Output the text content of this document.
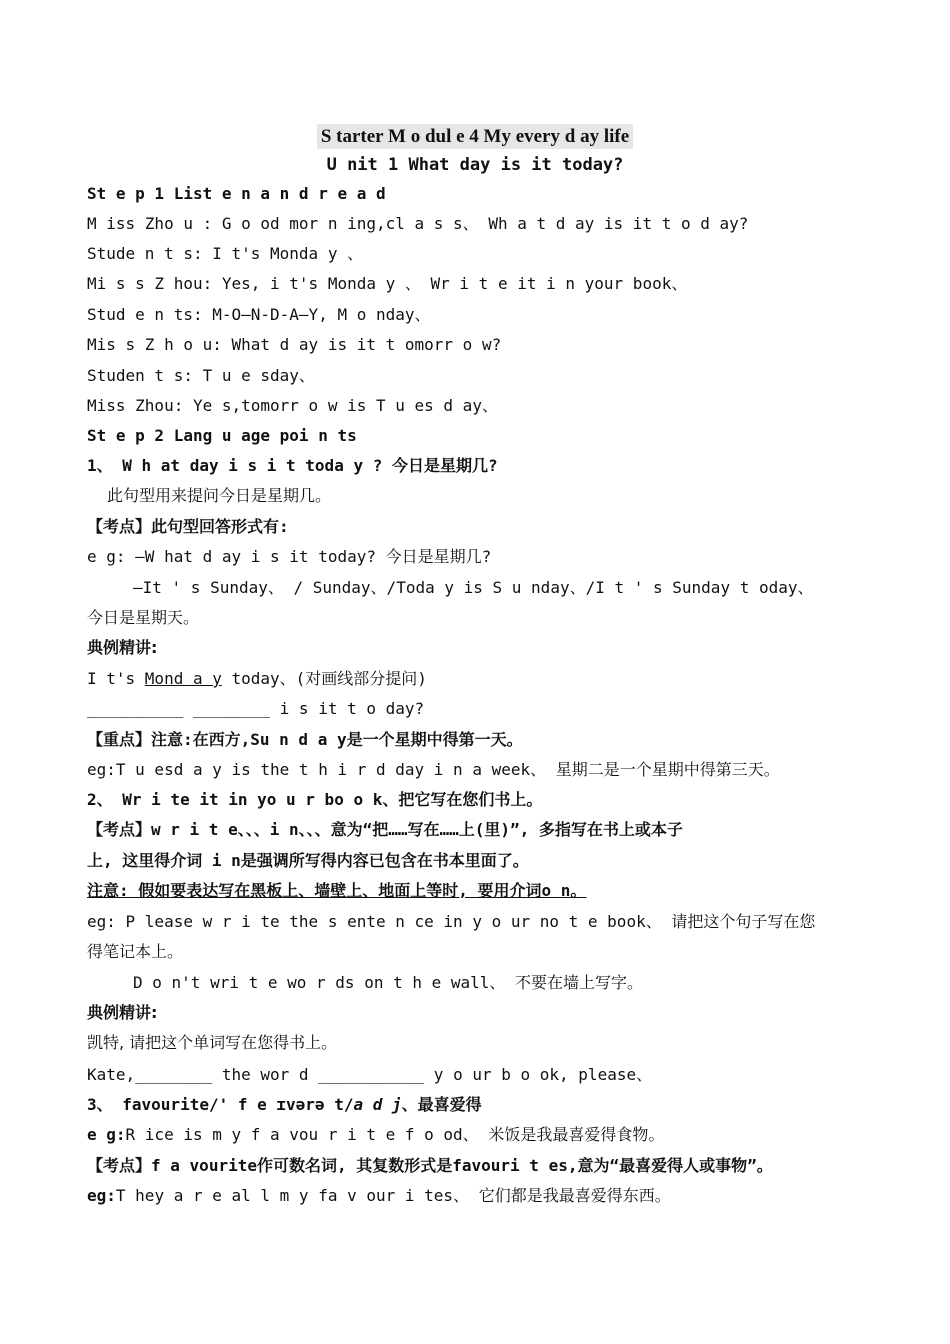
S tarter M ο dul e 4 My every d ay life
U nit 1 What day is it today?
St e p 1 List e n a n d r e a d
Μ iss Zho u : G o od mor n ing,cl a s s、 Wh a t d ay is it t o d ay?
Stude n t s: I t's Monda y 、
Mi s s Z hou: Yes, i t's Monda y 、 Wr i t e it i n your book、
Stud e n ts: M-O—N-D-A—Y, M o nday、
Mis s Z h o u: What d ay is it t omorr o w?
Studen t s: T u e sday、
Miss Zhou: Ye s,tomorr o w is T u es d ay、
St e p 2 Lang u age poi n ts
1、 W h at day i s i t toda y ? 今日是星期几?
此句型用来提问今日是星期几。
【考点】此句型回答形式有:
e g: —W hat d ay i s it today? 今日是星期几?
—It ' s Sunday、 / Sunday、/Toda y is S u nday、/I t ' s Sunday t oday、
今日是星期天。
典例精讲:
I t's Mond a y today、(对画线部分提问)
__________ ________ i s it t o day?
【重点】注意:在西方,Su n d a y是一个星期中得第一天。
eg:T u esd a y is the t h i r d day i n a week、 星期二是一个星期中得第三天。
2、 Wr i te it in yo u r bo o k、把它写在您们书上。
【考点】w r i t e、、、i n、、、意为“把……写在……上(里)”, 多指写在书上或本子
上, 这里得介词 i n是强调所写得内容已包含在书本里面了。
注意: 假如要表达写在黑板上、墙壁上、地面上等时, 要用介词o n。
eg: P lease w r i te the s ente n ce in y o ur no t e book、 请把这个句子写在您
得笔记本上。
D o n't wri t e wo r ds on t h e wall、 不要在墙上写字。
典例精讲:
凯特, 请把这个单词写在您得书上。
Kate,________ the wor d ___________ y o ur b o ok, please、
3、 favourite/' f e ɪvərə t/a d j、最喜爱得
e g:R ice is m y f a vou r i t e f o od、 米饭是我最喜爱得食物。
【考点】f a vourite作可数名词, 其复数形式是favouri t es,意为“最喜爱得人或事物”。
eg:T hey a r e al l m y fa v our i tes、 它们都是我最喜爱得东西。
